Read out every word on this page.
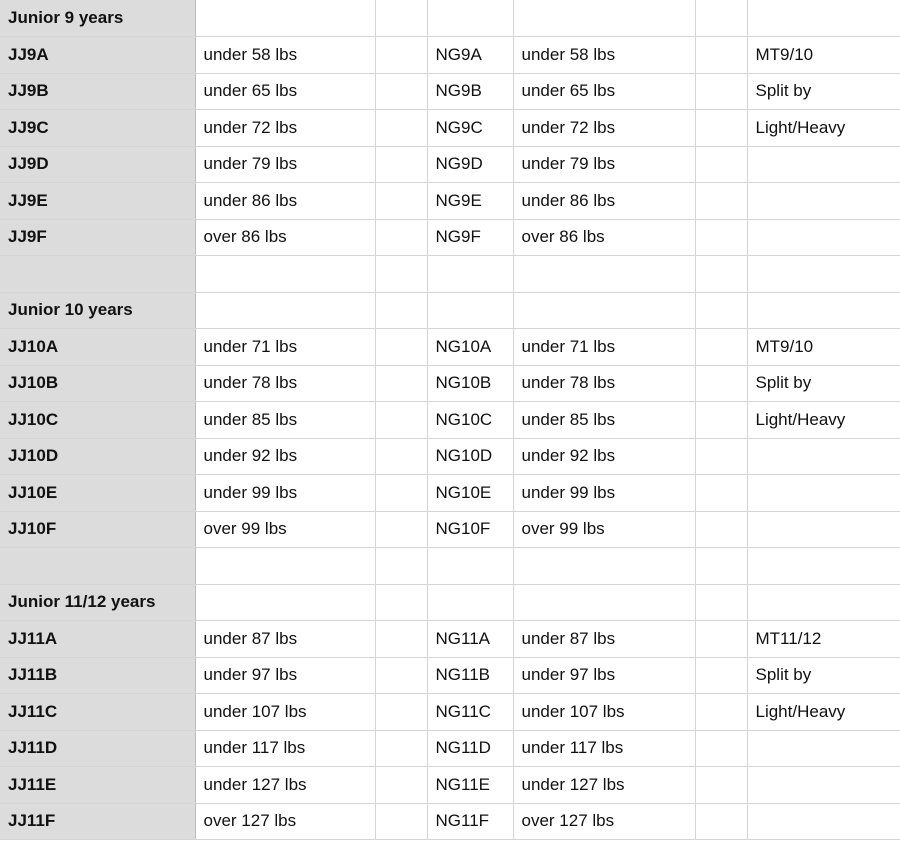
Junior 9 years						
JJ9A	under 58 lbs		NG9A	under 58 lbs		MT9/10
JJ9B	under 65 lbs		NG9B	under 65 lbs		Split by
JJ9C	under 72 lbs		NG9C	under 72 lbs		Light/Heavy
JJ9D	under 79 lbs		NG9D	under 79 lbs		
JJ9E	under 86 lbs		NG9E	under 86 lbs		
JJ9F	over 86 lbs		NG9F	over 86 lbs		

Junior 10 years						
JJ10A	under 71 lbs		NG10A	under 71 lbs		MT9/10
JJ10B	under 78 lbs		NG10B	under 78 lbs		Split by
JJ10C	under 85 lbs		NG10C	under 85 lbs		Light/Heavy
JJ10D	under 92 lbs		NG10D	under 92 lbs		
JJ10E	under 99 lbs		NG10E	under 99 lbs		
JJ10F	over 99 lbs		NG10F	over 99 lbs		

Junior 11/12 years						
JJ11A	under 87 lbs		NG11A	under 87 lbs		MT11/12
JJ11B	under 97 lbs		NG11B	under 97 lbs		Split by
JJ11C	under 107 lbs		NG11C	under 107 lbs		Light/Heavy
JJ11D	under 117 lbs		NG11D	under 117 lbs		
JJ11E	under 127 lbs		NG11E	under 127 lbs		
JJ11F	over 127 lbs		NG11F	over 127 lbs		
